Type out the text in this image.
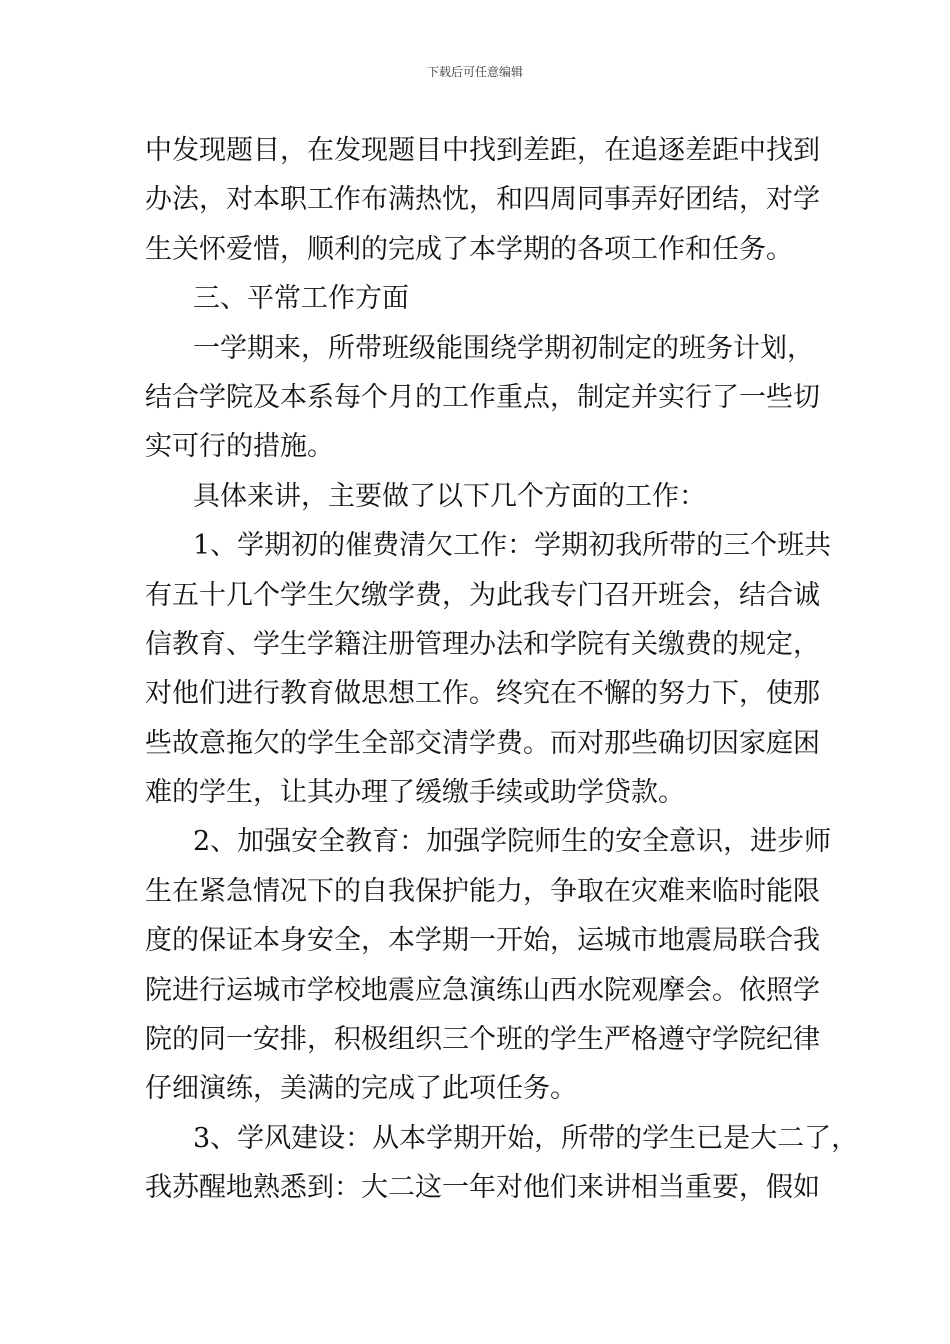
下载后可任意编辑
中发现题目，在发现题目中找到差距，在追逐差距中找到
办法，对本职工作布满热忱，和四周同事弄好团结，对学
生关怀爱惜，顺利的完成了本学期的各项工作和任务。
三、平常工作方面
一学期来，所带班级能围绕学期初制定的班务计划，
结合学院及本系每个月的工作重点，制定并实行了一些切
实可行的措施。
具体来讲，主要做了以下几个方面的工作：
1、学期初的催费清欠工作：学期初我所带的三个班共
有五十几个学生欠缴学费，为此我专门召开班会，结合诚
信教育、学生学籍注册管理办法和学院有关缴费的规定，
对他们进行教育做思想工作。终究在不懈的努力下，使那
些故意拖欠的学生全部交清学费。而对那些确切因家庭困
难的学生，让其办理了缓缴手续或助学贷款。
2、加强安全教育：加强学院师生的安全意识，进步师
生在紧急情况下的自我保护能力，争取在灾难来临时能限
度的保证本身安全，本学期一开始，运城市地震局联合我
院进行运城市学校地震应急演练山西水院观摩会。依照学
院的同一安排，积极组织三个班的学生严格遵守学院纪律
仔细演练，美满的完成了此项任务。
3、学风建设：从本学期开始，所带的学生已是大二了，
我苏醒地熟悉到：大二这一年对他们来讲相当重要，假如
